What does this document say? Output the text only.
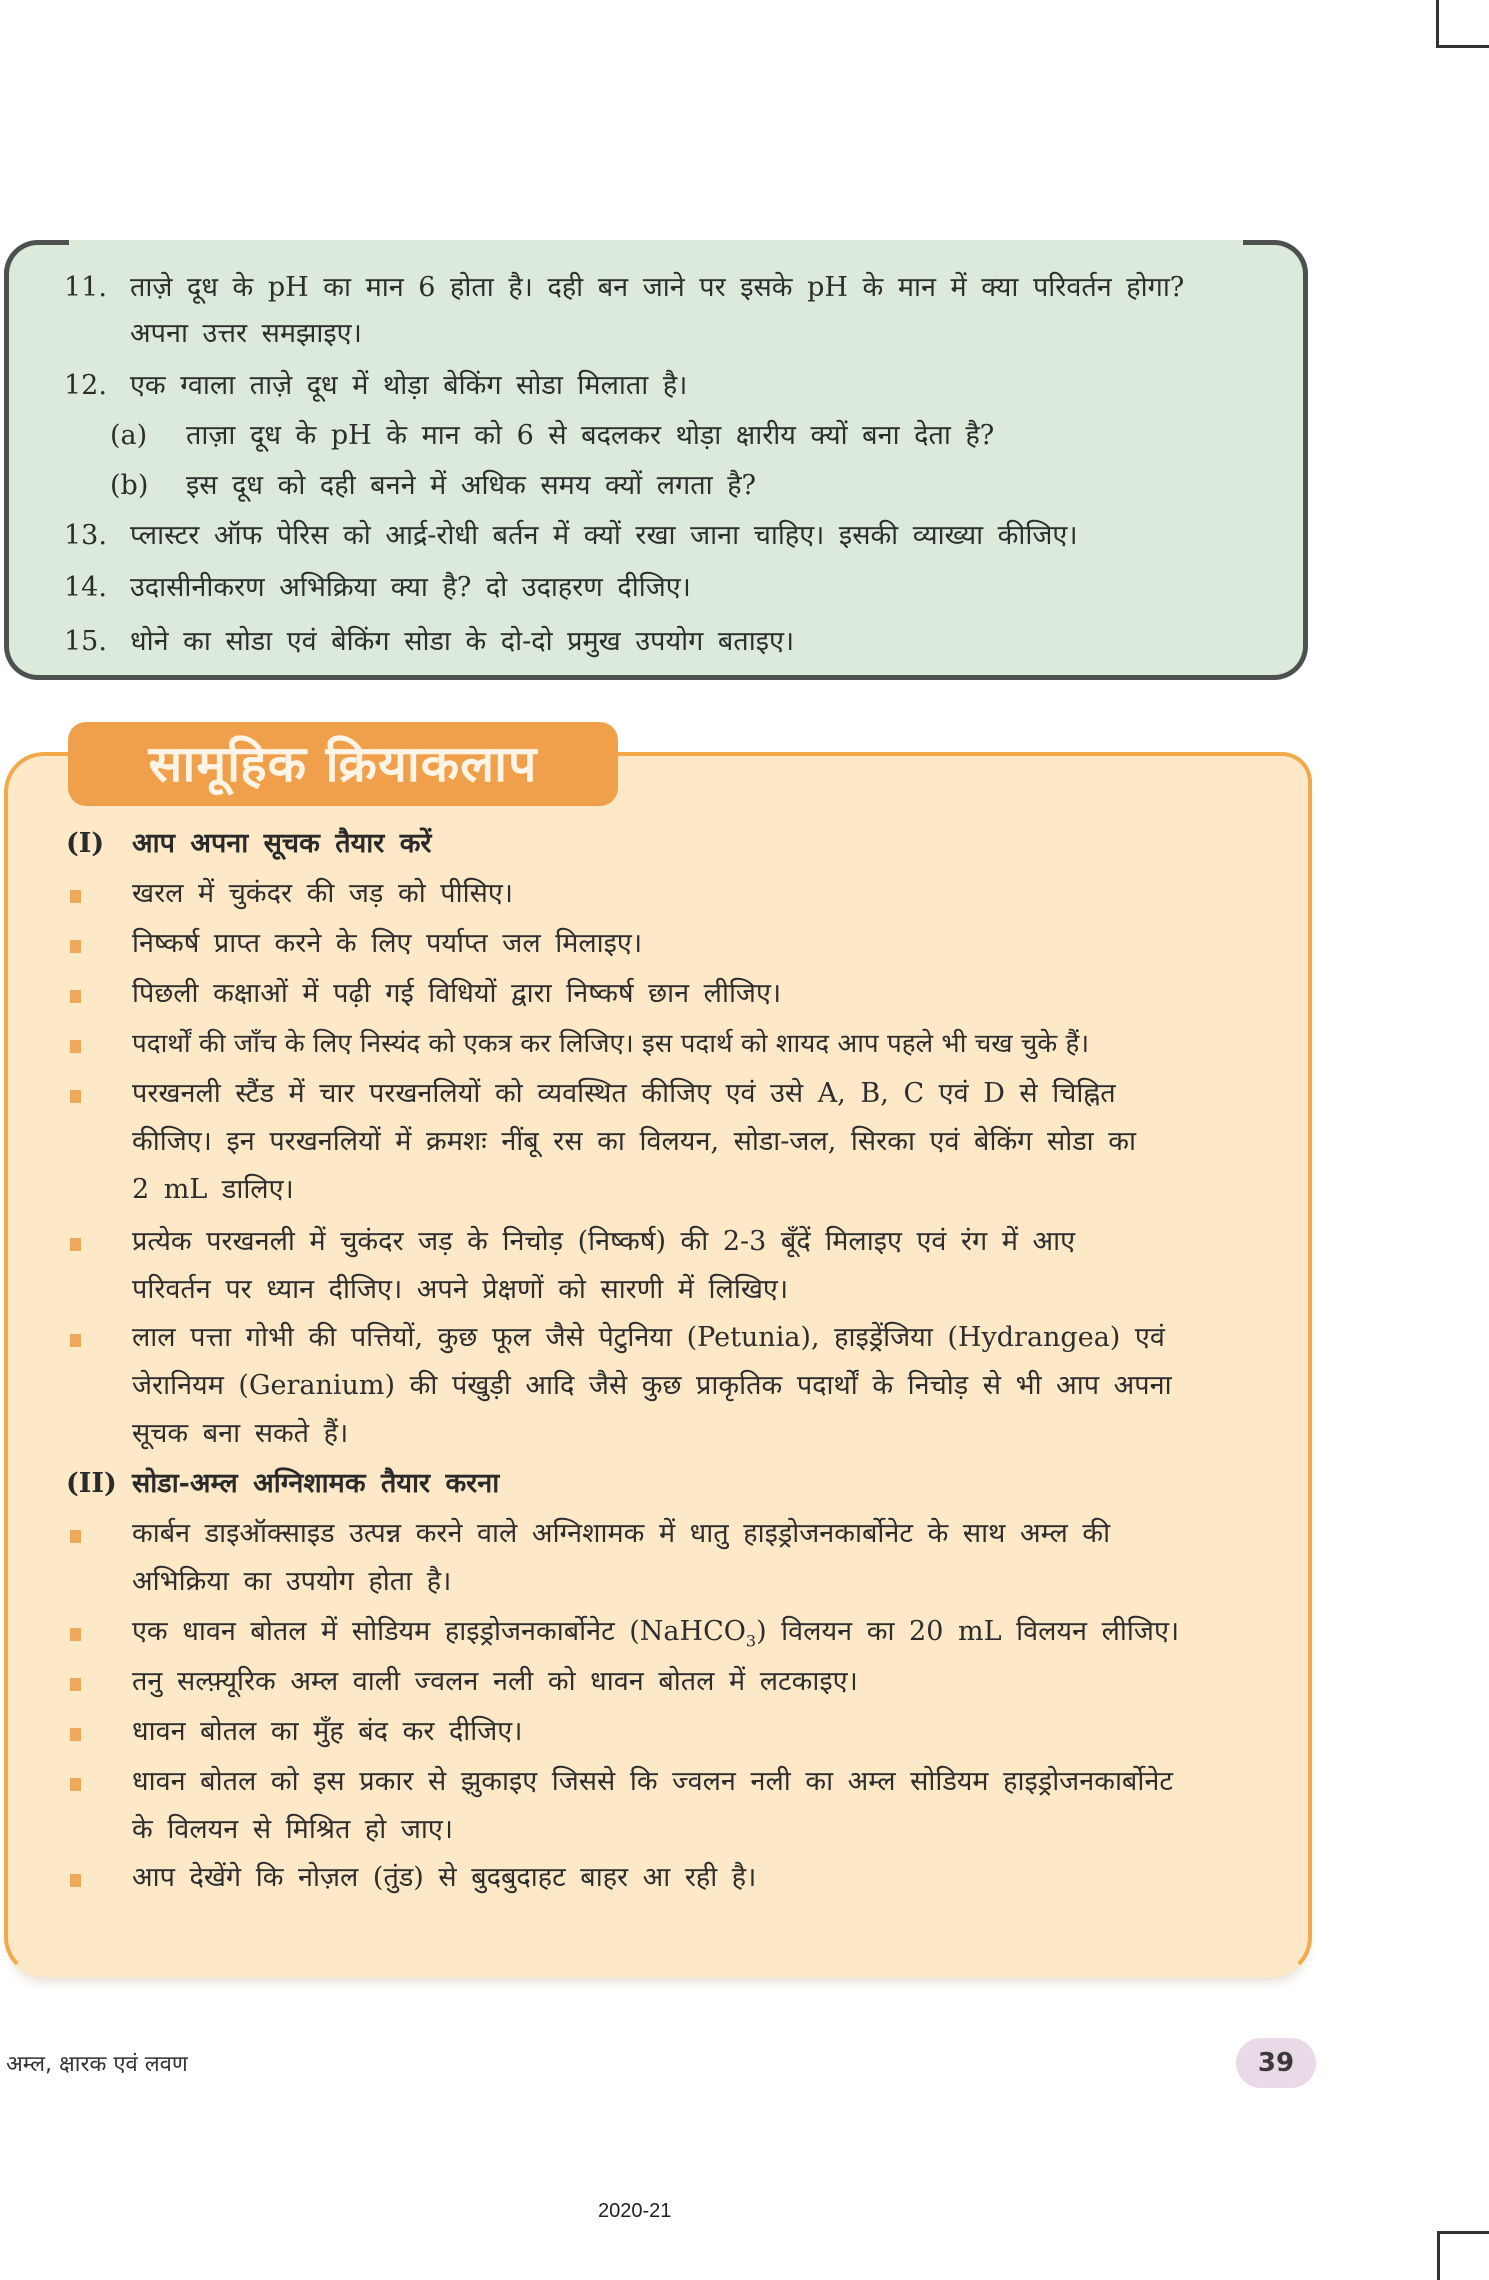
11. ताज़े दूध के pH का मान 6 होता है। दही बन जाने पर इसके pH के मान में क्या परिवर्तन होगा?
अपना उत्तर समझाइए।
12. एक ग्वाला ताज़े दूध में थोड़ा बेकिंग सोडा मिलाता है।
(a) ताज़ा दूध के pH के मान को 6 से बदलकर थोड़ा क्षारीय क्यों बना देता है?
(b) इस दूध को दही बनने में अधिक समय क्यों लगता है?
13. प्लास्टर ऑफ पेरिस को आर्द्र-रोधी बर्तन में क्यों रखा जाना चाहिए। इसकी व्याख्या कीजिए।
14. उदासीनीकरण अभिक्रिया क्या है? दो उदाहरण दीजिए।
15. धोने का सोडा एवं बेकिंग सोडा के दो-दो प्रमुख उपयोग बताइए।
सामूहिक क्रियाकलाप
(I) आप अपना सूचक तैयार करें
खरल में चुकंदर की जड़ को पीसिए।
निष्कर्ष प्राप्त करने के लिए पर्याप्त जल मिलाइए।
पिछली कक्षाओं में पढ़ी गई विधियों द्वारा निष्कर्ष छान लीजिए।
पदार्थों की जाँच के लिए निस्यंद को एकत्र कर लिजिए। इस पदार्थ को शायद आप पहले भी चख चुके हैं।
परखनली स्टैंड में चार परखनलियों को व्यवस्थित कीजिए एवं उसे A, B, C एवं D से चिह्नित
कीजिए। इन परखनलियों में क्रमशः नींबू रस का विलयन, सोडा-जल, सिरका एवं बेकिंग सोडा का
2 mL डालिए।
प्रत्येक परखनली में चुकंदर जड़ के निचोड़ (निष्कर्ष) की 2-3 बूँदें मिलाइए एवं रंग में आए
परिवर्तन पर ध्यान दीजिए। अपने प्रेक्षणों को सारणी में लिखिए।
लाल पत्ता गोभी की पत्तियों, कुछ फूल जैसे पेटुनिया (Petunia), हाइड्रेंजिया (Hydrangea) एवं
जेरानियम (Geranium) की पंखुड़ी आदि जैसे कुछ प्राकृतिक पदार्थों के निचोड़ से भी आप अपना
सूचक बना सकते हैं।
(II) सोडा-अम्ल अग्निशामक तैयार करना
कार्बन डाइऑक्साइड उत्पन्न करने वाले अग्निशामक में धातु हाइड्रोजनकार्बोनेट के साथ अम्ल की
अभिक्रिया का उपयोग होता है।
एक धावन बोतल में सोडियम हाइड्रोजनकार्बोनेट (NaHCO$_3$) विलयन का 20 mL विलयन लीजिए।
तनु सल्फ़्यूरिक अम्ल वाली ज्वलन नली को धावन बोतल में लटकाइए।
धावन बोतल का मुँह बंद कर दीजिए।
धावन बोतल को इस प्रकार से झुकाइए जिससे कि ज्वलन नली का अम्ल सोडियम हाइड्रोजनकार्बोनेट
के विलयन से मिश्रित हो जाए।
आप देखेंगे कि नोज़ल (तुंड) से बुदबुदाहट बाहर आ रही है।
अम्ल, क्षारक एवं लवण	39
2020-21
